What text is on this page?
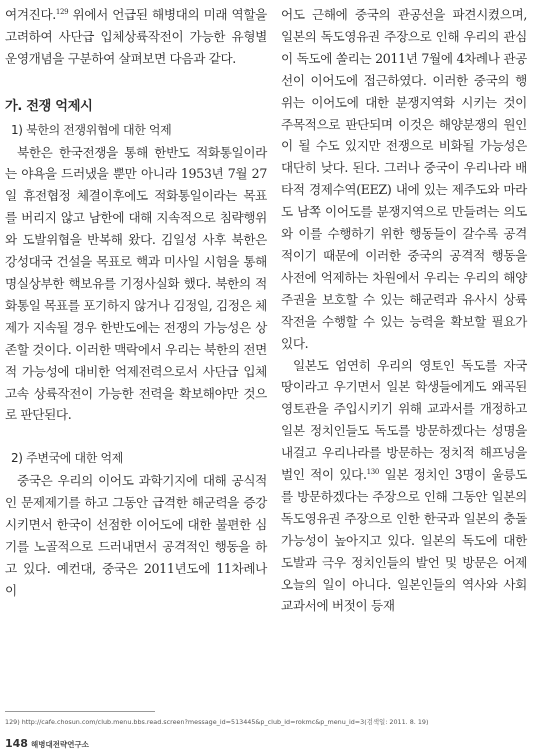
여겨진다.$^{129}$ 위에서 언급된 해병대의 미래 역할을 고려하여 사단급 입체상륙작전이 가능한 유형별 운영개념을 구분하여 살펴보면 다음과 같다.

가. 전쟁 억제시

1) 북한의 전쟁위협에 대한 억제

북한은 한국전쟁을 통해 한반도 적화통일이라는 야욕을 드러냈을 뿐만 아니라 1953년 7월 27일 휴전협정 체결이후에도 적화통일이라는 목표를 버리지 않고 남한에 대해 지속적으로 침략행위와 도발위협을 반복해 왔다. 김일성 사후 북한은 강성대국 건설을 목표로 핵과 미사일 시험을 통해 명실상부한 핵보유를 기정사실화 했다. 북한의 적화통일 목표를 포기하지 않거나 김정일, 김정은 체제가 지속될 경우 한반도에는 전쟁의 가능성은 상존할 것이다. 이러한 맥락에서 우리는 북한의 전면적 가능성에 대비한 억제전력으로서 사단급 입체고속 상륙작전이 가능한 전력을 확보해야만 것으로 판단된다.

2) 주변국에 대한 억제

중국은 우리의 이어도 과학기지에 대해 공식적인 문제제기를 하고 그동안 급격한 해군력을 증강시키면서 한국이 선점한 이어도에 대한 불편한 심기를 노골적으로 드러내면서 공격적인 행동을 하고 있다. 예컨대, 중국은 2011년도에 11차례나 이

어도 근해에 중국의 관공선을 파견시켰으며, 일본의 독도영유권 주장으로 인해 우리의 관심이 독도에 쏠리는 2011년 7월에 4차례나 관공선이 이어도에 접근하였다. 이러한 중국의 행위는 이어도에 대한 분쟁지역화 시키는 것이 주목적으로 판단되며 이것은 해양분쟁의 원인이 될 수도 있지만 전쟁으로 비화될 가능성은 대단히 낮다. 된다. 그러나 중국이 우리나라 배타적 경제수역(EEZ) 내에 있는 제주도와 마라도 남쪽 이어도를 분쟁지역으로 만들려는 의도와 이를 수행하기 위한 행동들이 갈수록 공격적이기 때문에 이러한 중국의 공격적 행동을 사전에 억제하는 차원에서 우리는 우리의 해양주권을 보호할 수 있는 해군력과 유사시 상륙작전을 수행할 수 있는 능력을 확보할 필요가 있다.

일본도 엄연히 우리의 영토인 독도를 자국 땅이라고 우기면서 일본 학생들에게도 왜곡된 영토관을 주입시키기 위해 교과서를 개정하고 일본 정치인들도 독도를 방문하겠다는 성명을 내걸고 우리나라를 방문하는 정치적 해프닝을 벌인 적이 있다.$^{130}$ 일본 정치인 3명이 울릉도를 방문하겠다는 주장으로 인해 그동안 일본의 독도영유권 주장으로 인한 한국과 일본의 충돌가능성이 높아지고 있다. 일본의 독도에 대한 도발과 극우 정치인들의 발언 및 방문은 어제 오늘의 일이 아니다. 일본인들의 역사와 사회교과서에 버젓이 등재

129) http://cafe.chosun.com/club.menu.bbs.read.screen?message_id=513445&p_club_id=rokmc&p_menu_id=3(검색일: 2011. 8. 19)
148 해병대전략연구소
